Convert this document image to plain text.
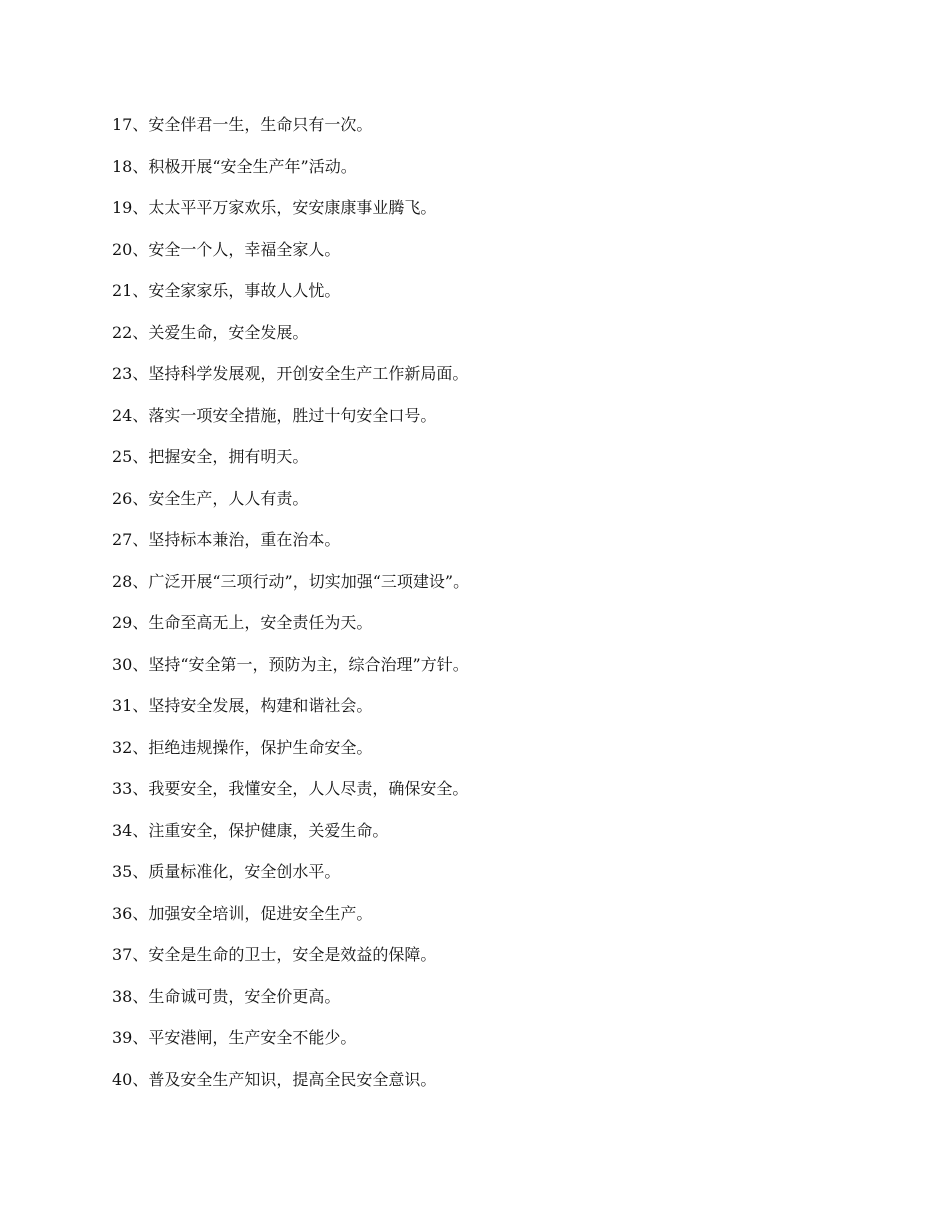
17、安全伴君一生，生命只有一次。
18、积极开展“安全生产年”活动。
19、太太平平万家欢乐，安安康康事业腾飞。
20、安全一个人，幸福全家人。
21、安全家家乐，事故人人忧。
22、关爱生命，安全发展。
23、坚持科学发展观，开创安全生产工作新局面。
24、落实一项安全措施，胜过十句安全口号。
25、把握安全，拥有明天。
26、安全生产，人人有责。
27、坚持标本兼治，重在治本。
28、广泛开展“三项行动”，切实加强“三项建设”。
29、生命至高无上，安全责任为天。
30、坚持“安全第一，预防为主，综合治理”方针。
31、坚持安全发展，构建和谐社会。
32、拒绝违规操作，保护生命安全。
33、我要安全，我懂安全，人人尽责，确保安全。
34、注重安全，保护健康，关爱生命。
35、质量标准化，安全创水平。
36、加强安全培训，促进安全生产。
37、安全是生命的卫士，安全是效益的保障。
38、生命诚可贵，安全价更高。
39、平安港闸，生产安全不能少。
40、普及安全生产知识，提高全民安全意识。
